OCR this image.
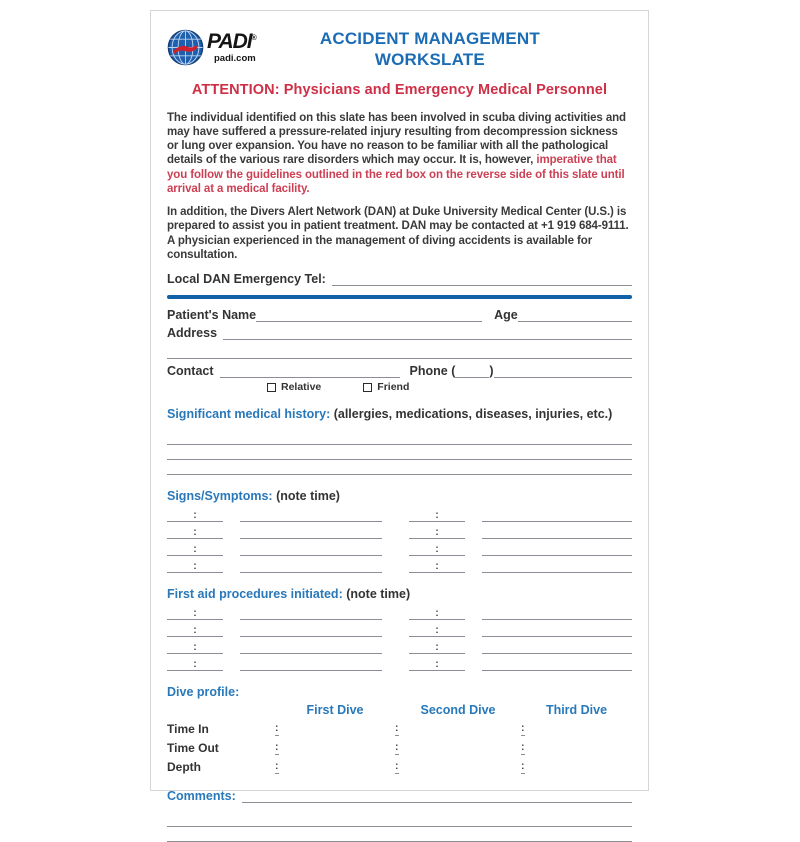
PADI®
padi.com
ACCIDENT MANAGEMENT
WORKSLATE
ATTENTION: Physicians and Emergency Medical Personnel
The individual identified on this slate has been involved in scuba diving activities and may have suffered a pressure-related injury resulting from decompression sickness or lung over expansion. You have no reason to be familiar with all the pathological details of the various rare disorders which may occur. It is, however, imperative that you follow the guidelines outlined in the red box on the reverse side of this slate until arrival at a medical facility.
In addition, the Divers Alert Network (DAN) at Duke University Medical Center (U.S.) is prepared to assist you in patient treatment. DAN may be contacted at +1 919 684-9111. A physician experienced in the management of diving accidents is available for consultation.
Local DAN Emergency Tel:
Patient's Name	Age
Address
Contact	Phone (	)
Relative	Friend
Significant medical history: (allergies, medications, diseases, injuries, etc.)
Signs/Symptoms: (note time)
:	:
:	:
:	:
:	:
First aid procedures initiated: (note time)
:	:
:	:
:	:
:	:
Dive profile:
First Dive	Second Dive	Third Dive
Time In	:	:	:
Time Out	:	:	:
Depth	:	:	:
Comments:
